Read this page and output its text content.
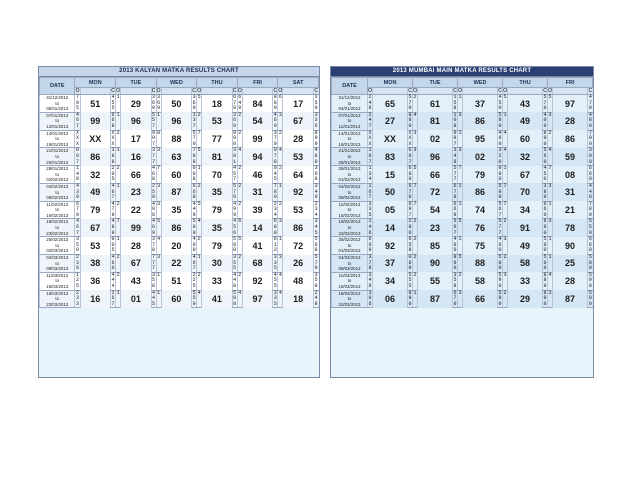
2013 KALYAN MATKA RESULTS CHART
DATE	MON			TUE			WED			THU			FRI			SAT		
	O		C	O		C	O		C	O		C	O		C	O		C
31/12/2012	7	51	4	1	29	3	3	50	3	5	18	6	6	84	8	6	17	3
to	9		5			6	6		6			7	4		8			5
05/01/2013	5		5			9	9		9			9	9		9			9
07/01/2013	4	99	6	1	96	5	1	96	3	2	53	3	2	54	4	3	67	3
to	6		6			5			3			6			6			3
12/01/2013	7		8			7			7			9			9			6
14/01/2013	X	XX	X	2	17	9	8	88	5	7	77	9	2	99	3	2	28	8
to	X		X			9			7			9			7			9
19/01/2013	X		X			7			0			0			9			9
21/01/2013	0	86	3	1	16	3	3	63	7	5	81	3	4	94	0	4	53	4
to	0		8			7			8			8			7			8
26/01/2013	7		8			7			8			1			8			9
28/01/2013	1	32	2	2	66	4	7	60	0	1	70	4	2	46	0	2	64	3
to	4		0			6			0			5			4			6
02/02/2013	8		5			8			8			7			5			8
04/02/2013	4	49	4	1	23	2	3	87	6	2	35	5	2	31	7	1	92	3
to	3		6			5			6			7			8			4
09/02/2013	9		7			9			8			9			9			9
11/02/2013	6	79	4	2	22	4	3	35	4	5	79	4	2	39	2	2	53	2
to	7		7			9			4			9			3			3
16/02/2013	9		9			8			9			9			4			4
18/02/2013	4	67	4	7	99	4	5	86	5	4	35	4	6	14	6	3	86	3
to	6		8			6			9			5			8			4
23/02/2013	7		9			9			9			6			9			5
25/02/2013	3	53	0	1	28	3	4	20	4	2	79	5	5	41	6	1	72	5
to	5		0			7			9			8			1			6
02/03/2013	8		5			8			0			8			2			8
04/03/2013	2	38	4	2	67	7	3	22	4	1	30	3	2	68	3	3	26	5
to	3		6			7			6			5			3			7
09/03/2013	8		0			7			7			5			5			9
11/03/2013	1	36	4	2	43	3	1	51	2	2	33	4	2	92	4	4	48	3
to	2		4			5			2			4			5			5
16/03/2013	5		4			8			5			8			5			8
18/03/2013	2	16	2	1	01	4	1	60	5	4	41	5	4	97	3	4	18	2
to	3		6			4			5			8			3			4
23/03/2013	3		7			5			9			8			5			8
2013 MUMBAI MAIN MATKA RESULTS CHART
DATE	MON			TUE			WED			THU			FRI		
	O		C	O		C	O		C	O		C	O		C
31/12/2012	2	65	5	2	61	1	1	37	4	5	43	5	5	97	4
to	4		7			5			5			7			7
04/01/2013	8		0			8			0			0			0
07/01/2013	2	27	8	4	81	1	3	86	5	1	49	4	3	28	4
to	4		8			0			8			0			8
11/01/2013	7		0			8			0			0			0
14/01/2013	X	XX	X	3	02	9	1	95	4	4	60	8	2	86	7
to	X		X			9			6			9			9
18/01/2013	X		X			7			0			0			0
21/01/2013	1	83	6	3	96	3	3	02	3	4	32	5	4	59	3
to	6		6			4			2			6			9
25/01/2013	7		7			8			0			0			0
28/01/2013	1	15	6	5	66	5	7	79	0	1	67	4	7	08	6
to	3		8			7			9			5			6
01/02/2013	4		0			7			0			0			0
04/02/2013	1	50	6	7	72	6	1	86	5	7	70	3	3	31	4
to	6		7			7			9			8			4
08/02/2013	7		0			8			0			0			0
11/02/2013	3	05	6	7	54	6	1	74	5	7	34	6	1	21	7
to	3		9			6			6			6			8
15/02/2013	5		7			9			7			0			0
18/02/2013	1	14	2	2	23	5	5	76	5	2	91	6	3	78	5
to	4		8			6			7			9			5
22/02/2013	6		6			7			7			0			0
25/02/2013	6	92	6	2	85	4	1	75	4	3	49	5	1	90	6
to	6		5			9			6			9			6
01/03/2013	9		8			0			0			0			0
04/03/2013	3	37	0	2	90	8	5	88	5	2	58	5	1	25	5
to	7		8			9			8			0			8
08/03/2013	8		9			0			0			0			0
11/03/2013	3	34	5	2	55	3	2	58	5	3	33	8	4	28	5
to	4		5			5			9			8			9
15/03/2013	8		5			8			0			9			0
18/03/2013	3	06	8	1	87	6	3	66	5	2	29	8	3	87	5
to	0		9			7			8			9			8
22/03/2013	6		0			0			0			0			0
